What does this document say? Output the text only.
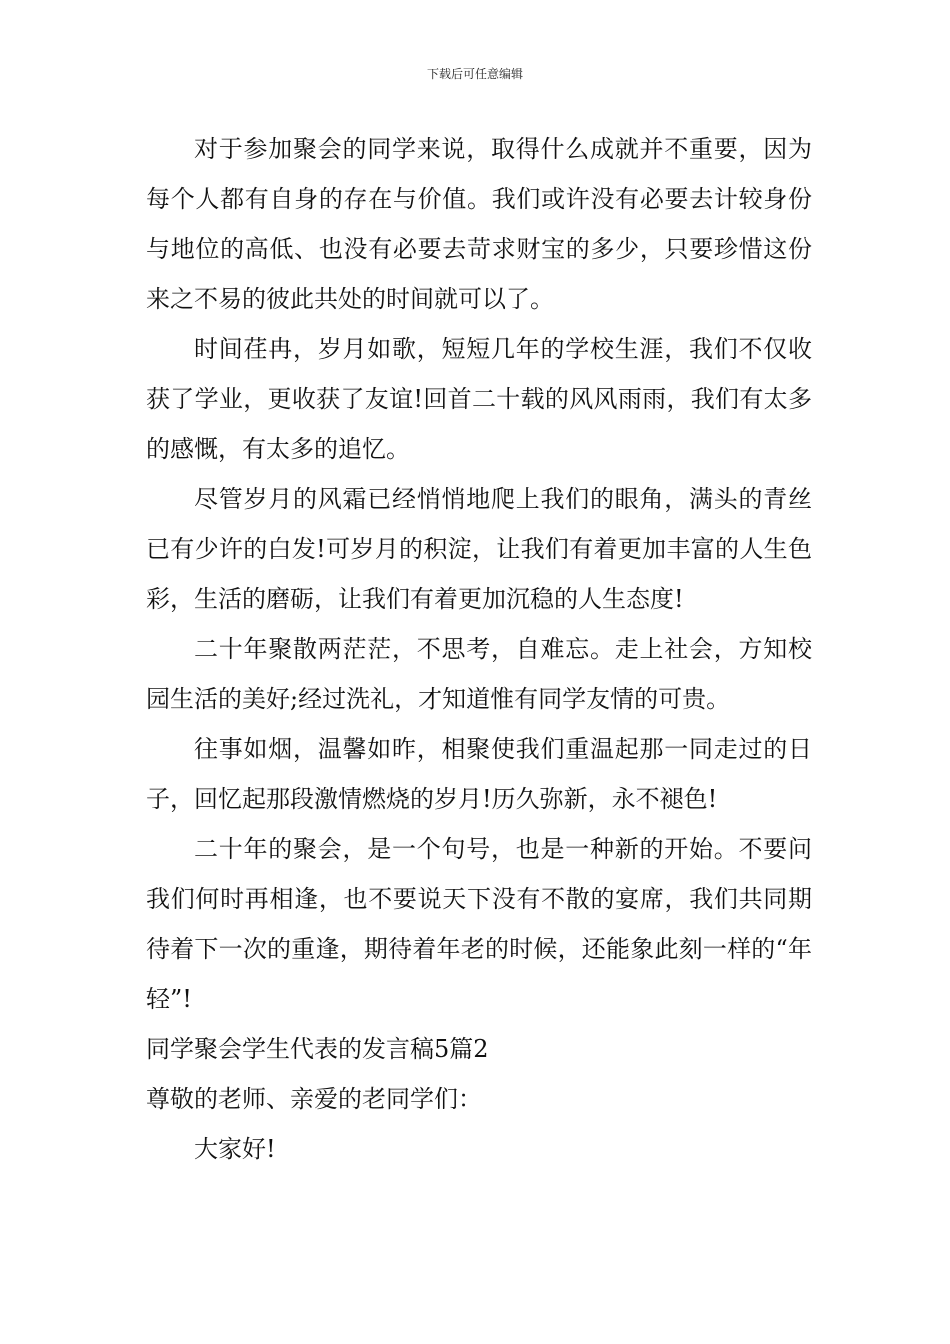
下载后可任意编辑

对于参加聚会的同学来说，取得什么成就并不重要，因为每个人都有自身的存在与价值。我们或许没有必要去计较身份与地位的高低、也没有必要去苛求财宝的多少，只要珍惜这份来之不易的彼此共处的时间就可以了。

时间荏冉，岁月如歌，短短几年的学校生涯，我们不仅收获了学业，更收获了友谊!回首二十载的风风雨雨，我们有太多的感慨，有太多的追忆。

尽管岁月的风霜已经悄悄地爬上我们的眼角，满头的青丝已有少许的白发!可岁月的积淀，让我们有着更加丰富的人生色彩，生活的磨砺，让我们有着更加沉稳的人生态度!

二十年聚散两茫茫，不思考，自难忘。走上社会，方知校园生活的美好;经过洗礼，才知道惟有同学友情的可贵。

往事如烟，温馨如昨，相聚使我们重温起那一同走过的日子，回忆起那段激情燃烧的岁月!历久弥新，永不褪色!

二十年的聚会，是一个句号，也是一种新的开始。不要问我们何时再相逢，也不要说天下没有不散的宴席，我们共同期待着下一次的重逢，期待着年老的时候，还能象此刻一样的“年轻”!

同学聚会学生代表的发言稿5篇2

尊敬的老师、亲爱的老同学们：

大家好!
